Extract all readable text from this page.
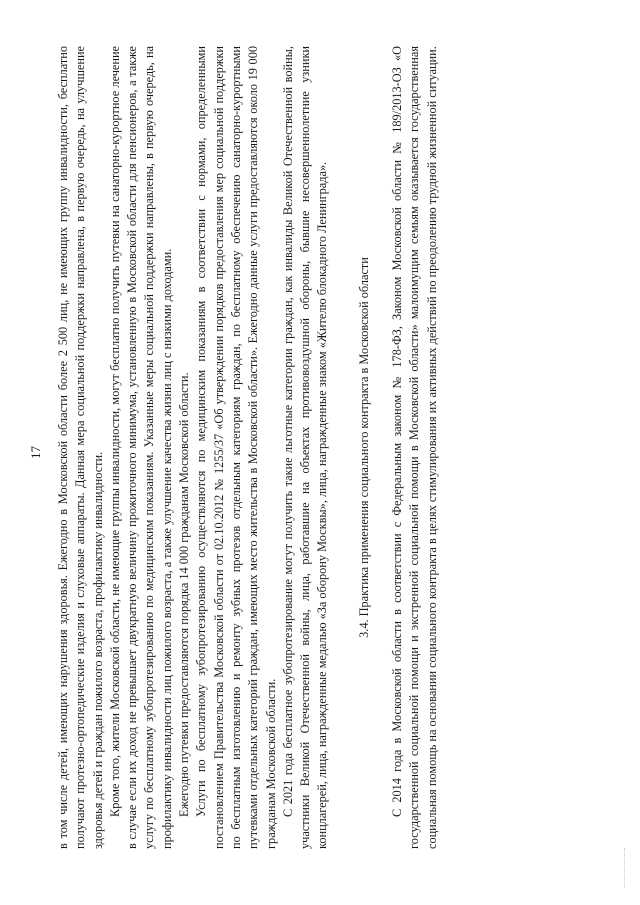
17 в том числе детей, имеющих нарушения здоровья. Ежегодно в Московской области более 2 500 лиц, не имеющих группу инвалидности, бесплатно получают протезно-ортопедические изделия и слуховые аппараты. Данная мера социальной поддержки направлена, в первую очередь, на улучшение здоровья детей и граждан пожилого возраста, профилактику инвалидности. Кроме того, жители Московской области, не имеющие группы инвалидности, могут бесплатно получить путевки на санаторно-курортное лечение в случае если их доход не превышает двукратную величину прожиточного минимума, установленную в Московской области для пенсионеров, а также услугу по бесплатному зубопротезированию по медицинским показаниям. Указанные меры социальной поддержки направлены, в первую очередь, на профилактику инвалидности лиц пожилого возраста, а также улучшение качества жизни лиц с низкими доходами. Ежегодно путевки предоставляются порядка 14 000 гражданам Московской области. Услуги по бесплатному зубопротезированию осуществляются по медицинским показаниям в соответствии с нормами, определенными постановлением Правительства Московской области от 02.10.2012 № 1255/37 «Об утверждении порядков предоставления мер социальной поддержки по бесплатным изготовлению и ремонту зубных протезов отдельным категориям граждан, по бесплатному обеспечению санаторно-курортными путевками отдельных категорий граждан, имеющих место жительства в Московской области». Ежегодно данные услуги предоставляются около 19 000 гражданам Московской области. С 2021 года бесплатное зубопротезирование могут получить такие льготные категории граждан, как инвалиды Великой Отечественной войны, участники Великой Отечественной войны, лица, работавшие на объектах противовоздушной обороны, бывшие несовершеннолетние узники концлагерей, лица, награжденные медалью «За оборону Москвы», лица, награжденные знаком «Жителю блокадного Ленинграда». 3.4. Практика применения социального контракта в Московской области С 2014 года в Московской области в соответствии с Федеральным законом № 178-ФЗ, Законом Московской области № 189/2013-ОЗ «О государственной социальной помощи и экстренной социальной помощи в Московской области» малоимущим семьям оказывается государственная социальная помощь на основании социального контракта в целях стимулирования их активных действий по преодолению трудной жизненной ситуации.
